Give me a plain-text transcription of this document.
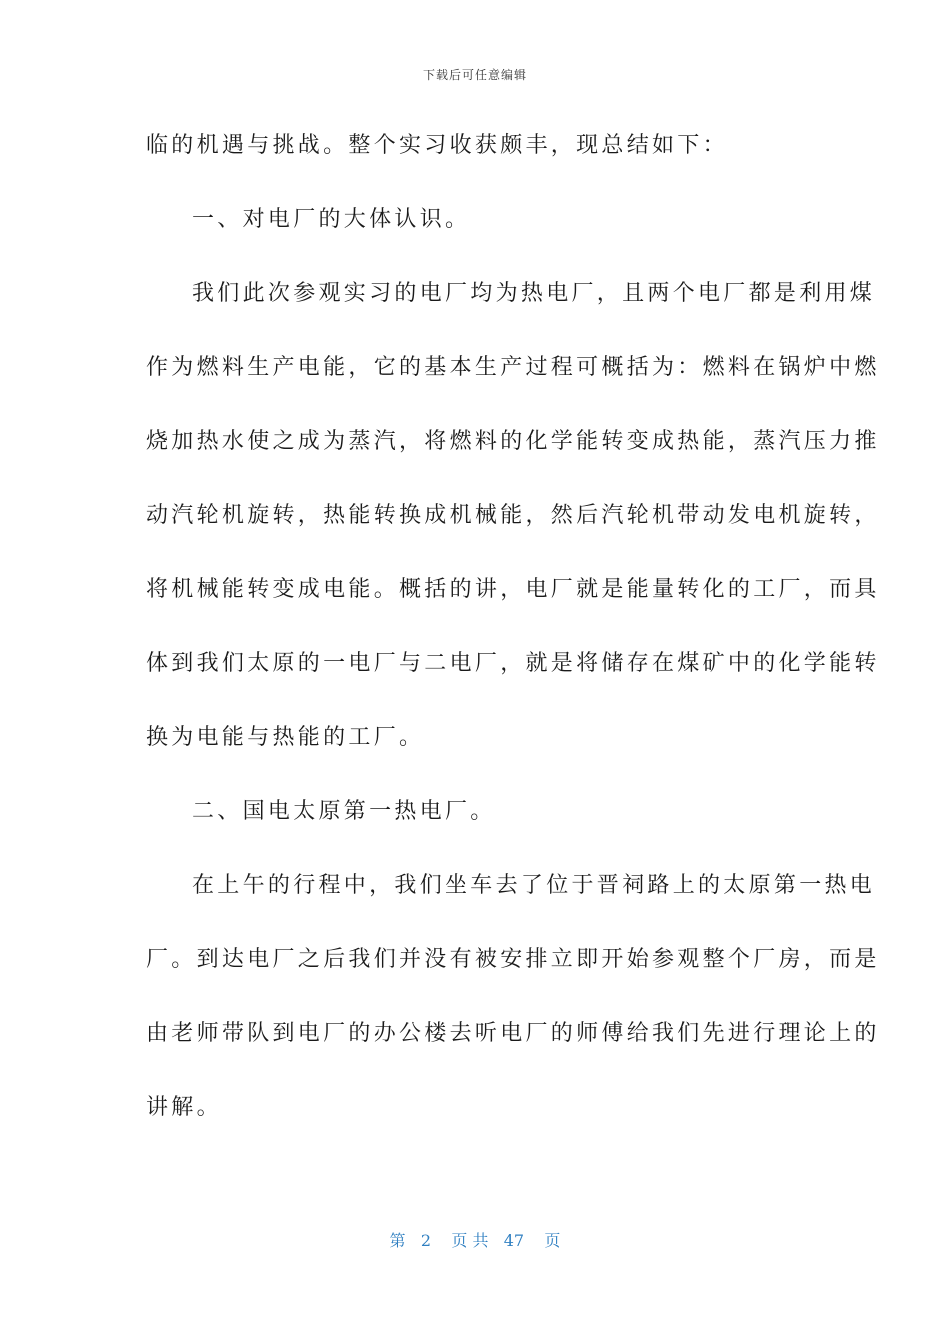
下载后可任意编辑
临的机遇与挑战。整个实习收获颇丰，现总结如下：
一、对电厂的大体认识。
我们此次参观实习的电厂均为热电厂，且两个电厂都是利用煤
作为燃料生产电能，它的基本生产过程可概括为：燃料在锅炉中燃
烧加热水使之成为蒸汽，将燃料的化学能转变成热能，蒸汽压力推
动汽轮机旋转，热能转换成机械能，然后汽轮机带动发电机旋转，
将机械能转变成电能。概括的讲，电厂就是能量转化的工厂，而具
体到我们太原的一电厂与二电厂，就是将储存在煤矿中的化学能转
换为电能与热能的工厂。
二、国电太原第一热电厂。
在上午的行程中，我们坐车去了位于晋祠路上的太原第一热电
厂。到达电厂之后我们并没有被安排立即开始参观整个厂房，而是
由老师带队到电厂的办公楼去听电厂的师傅给我们先进行理论上的
讲解。
第 2 页 共 47 页
